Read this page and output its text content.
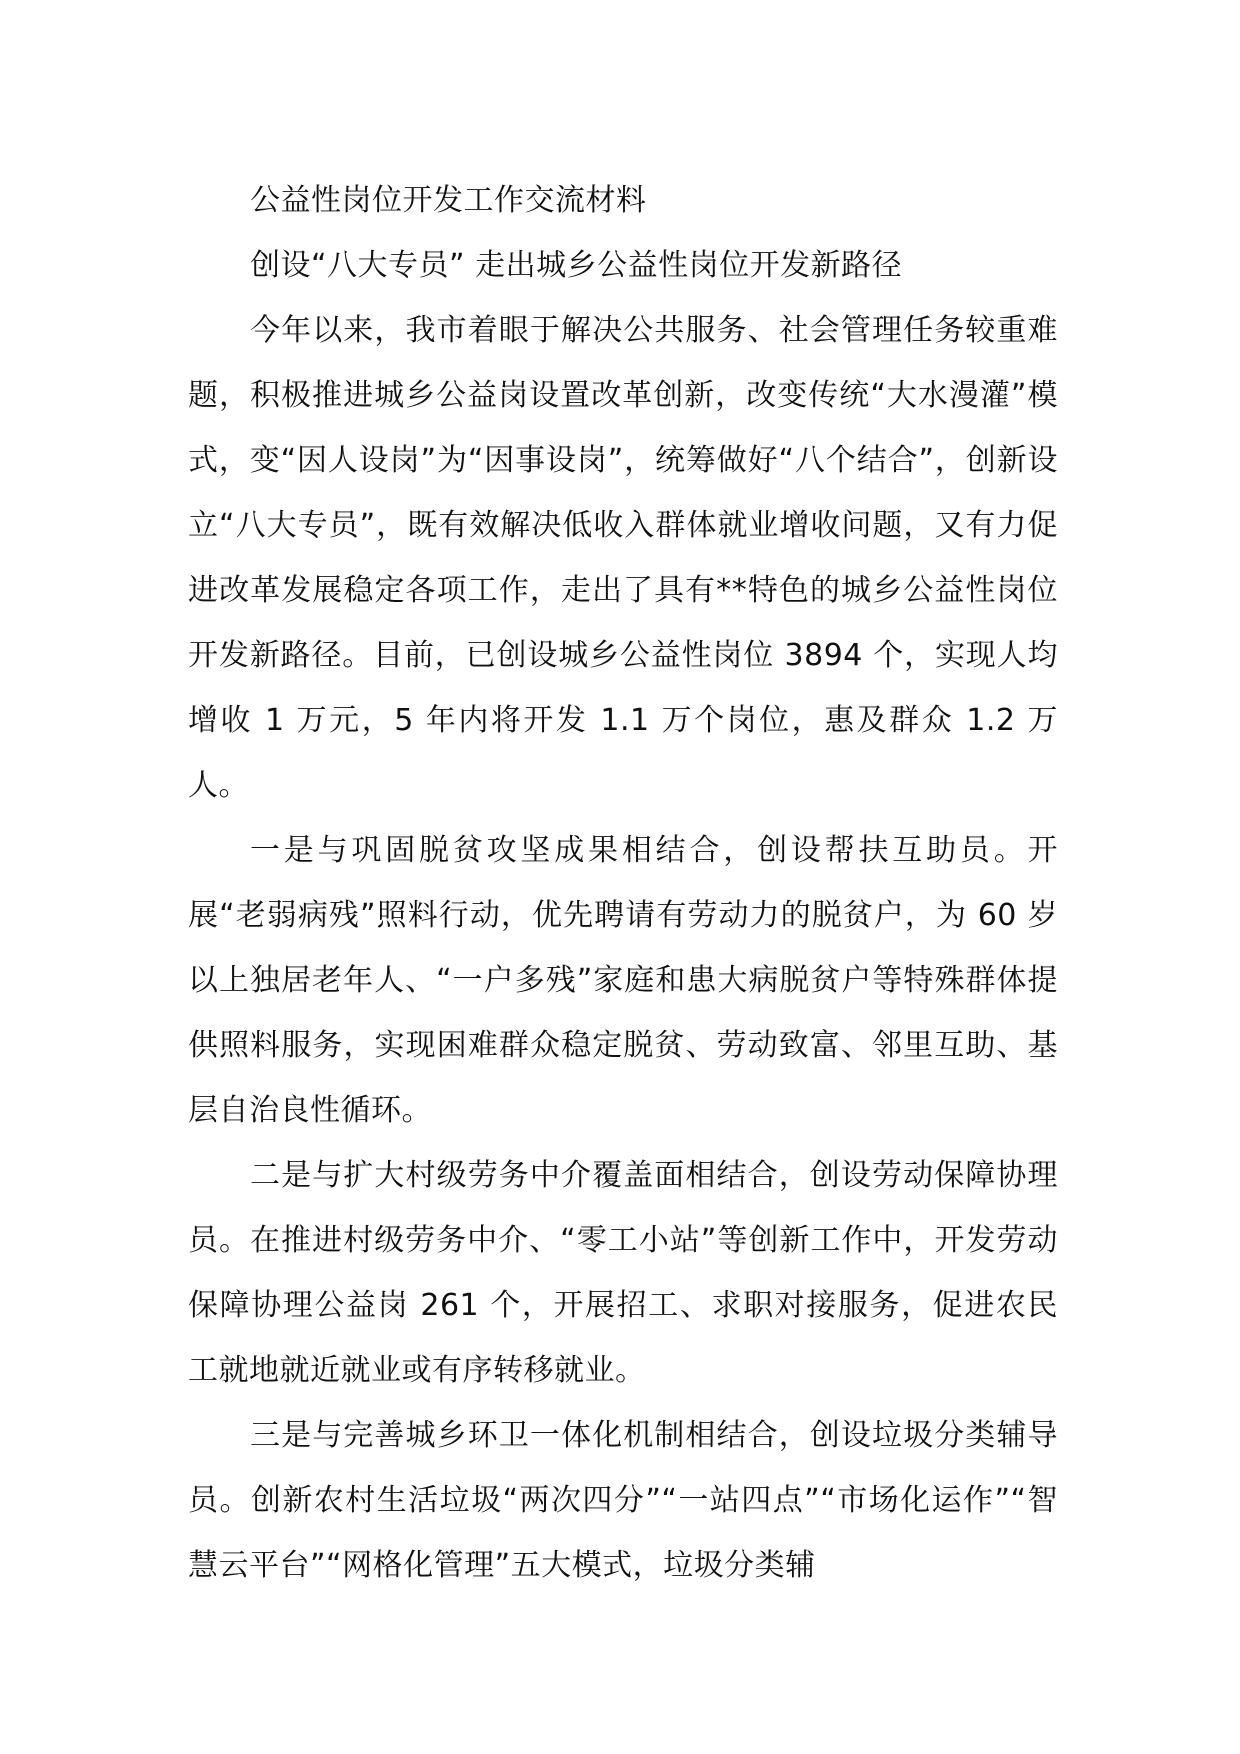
公益性岗位开发工作交流材料

创设“八大专员” 走出城乡公益性岗位开发新路径

今年以来，我市着眼于解决公共服务、社会管理任务较重难题，积极推进城乡公益岗设置改革创新，改变传统“大水漫灌”模式，变“因人设岗”为“因事设岗”，统筹做好“八个结合”，创新设立“八大专员”，既有效解决低收入群体就业增收问题，又有力促进改革发展稳定各项工作，走出了具有**特色的城乡公益性岗位开发新路径。目前，已创设城乡公益性岗位 3894 个，实现人均增收 1 万元，5 年内将开发 1.1 万个岗位，惠及群众 1.2 万人。

一是与巩固脱贫攻坚成果相结合，创设帮扶互助员。开展“老弱病残”照料行动，优先聘请有劳动力的脱贫户，为 60 岁以上独居老年人、“一户多残”家庭和患大病脱贫户等特殊群体提供照料服务，实现困难群众稳定脱贫、劳动致富、邻里互助、基层自治良性循环。

二是与扩大村级劳务中介覆盖面相结合，创设劳动保障协理员。在推进村级劳务中介、“零工小站”等创新工作中，开发劳动保障协理公益岗 261 个，开展招工、求职对接服务，促进农民工就地就近就业或有序转移就业。

三是与完善城乡环卫一体化机制相结合，创设垃圾分类辅导员。创新农村生活垃圾“两次四分”“一站四点”“市场化运作”“智慧云平台”“网格化管理”五大模式，垃圾分类辅
